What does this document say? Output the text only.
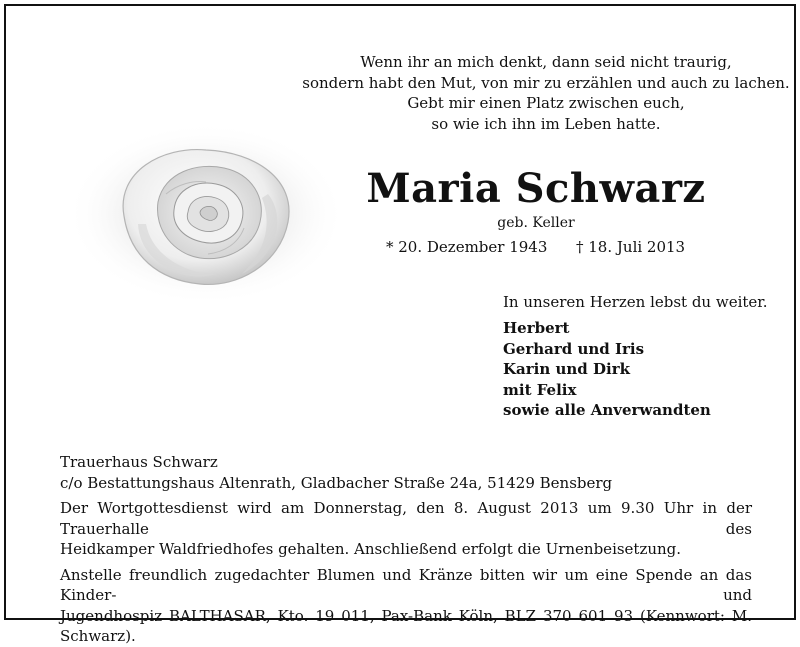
Wenn ihr an mich denkt, dann seid nicht traurig,
sondern habt den Mut, von mir zu erzählen und auch zu lachen.
Gebt mir einen Platz zwischen euch,
so wie ich ihn im Leben hatte.
Maria Schwarz
geb. Keller
* 20. Dezember 1943 † 18. Juli 2013
In unseren Herzen lebst du weiter.
Herbert
Gerhard und Iris
Karin und Dirk
mit Felix
sowie alle Anverwandten
Trauerhaus Schwarz
c/o Bestattungshaus Altenrath, Gladbacher Straße 24a, 51429 Bensberg
Der Wortgottesdienst wird am Donnerstag, den 8. August 2013 um 9.30 Uhr in der Trauerhalle des
Heidkamper Waldfriedhofes gehalten. Anschließend erfolgt die Urnenbeisetzung.
Anstelle freundlich zugedachter Blumen und Kränze bitten wir um eine Spende an das Kinder- und
Jugendhospiz BALTHASAR, Kto. 19 011, Pax-Bank Köln, BLZ 370 601 93 (Kennwort: M. Schwarz).
